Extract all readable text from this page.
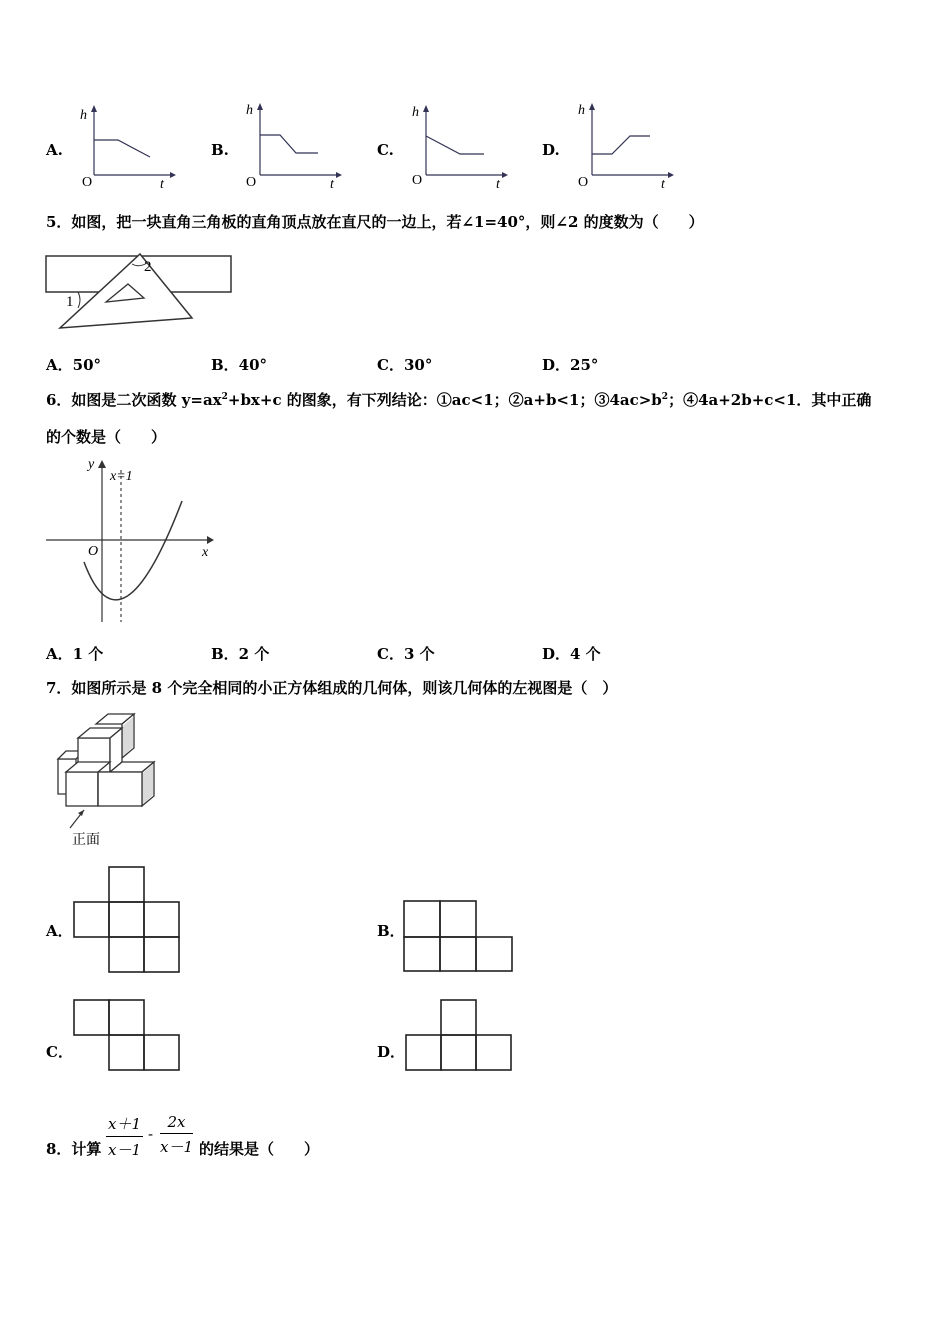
A.	B.	C.	D.
h
O	t
h
O	t
h
O	t
h
O	t
5．如图，把一块直角三角板的直角顶点放在直尺的一边上，若∠1=40°，则∠2 的度数为（　　）
2
1
A．50°	B．40°	C．30°	D．25°
6．如图是二次函数 $y=ax^2+bx+c$ 的图象，有下列结论：①ac<1；②a+b<1；$③4ac>b^2$；④4a+2b+c<1．其中正确
的个数是（　　）
y
x=1
O	x
A．1 个	B．2 个	C．3 个	D．4 个
7．如图所示是 8 个完全相同的小正方体组成的几何体，则该几何体的左视图是（　）
正面
A．	B．
C．	D．
8．计算 $\frac{x+1}{x-1} - \frac{2x}{x-1}$ 的结果是（　　）
